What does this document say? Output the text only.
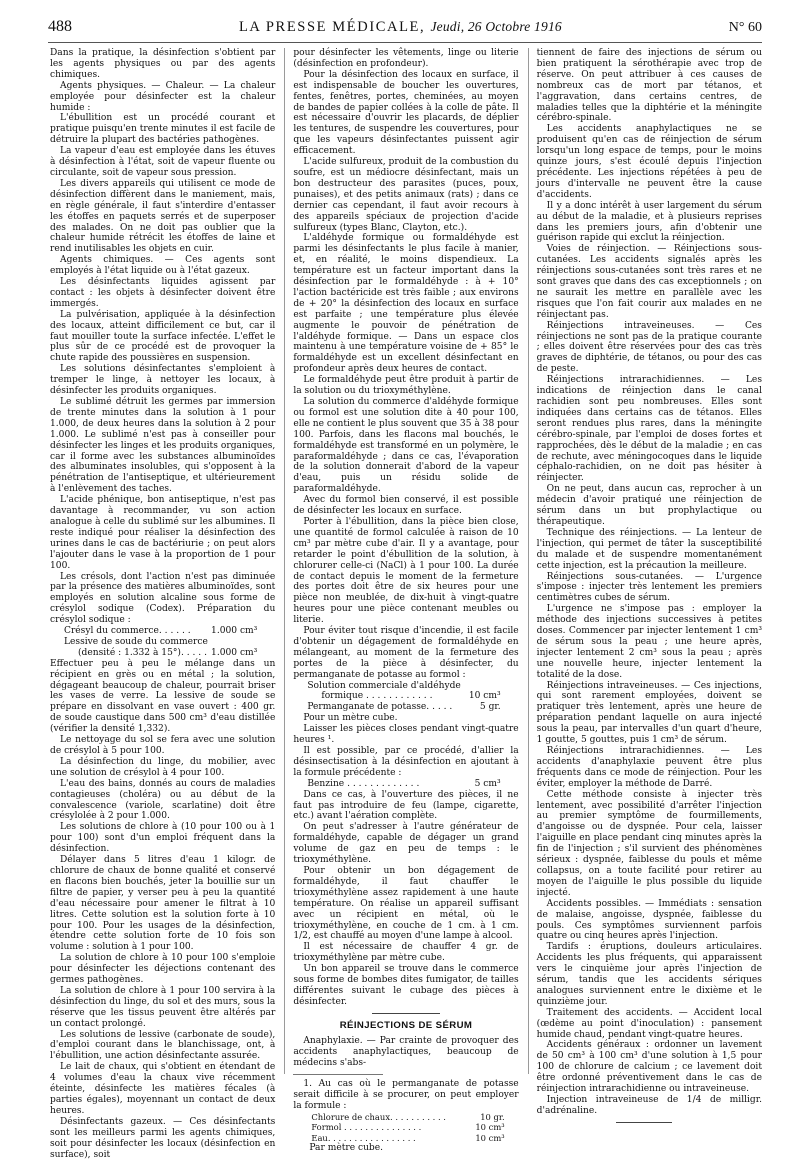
488	LA PRESSE MÉDICALE, Jeudi, 26 Octobre 1916	N° 60

Dans la pratique, la désinfection s'obtient par les agents physiques ou par des agents chimiques.

Agents physiques. — Chaleur. — La chaleur employée pour désinfecter est la chaleur humide :

L'ébullition est un procédé courant et pratique puisqu'en trente minutes il est facile de détruire la plupart des bactéries pathogènes.

La vapeur d'eau est employée dans les étuves à désinfection à l'état, soit de vapeur fluente ou circulante, soit de vapeur sous pression.

Les divers appareils qui utilisent ce mode de désinfection diffèrent dans le maniement, mais, en règle générale, il faut s'interdire d'entasser les étoffes en paquets serrés et de superposer des malades. On ne doit pas oublier que la chaleur humide rétrécit les étoffes de laine et rend inutilisables les objets en cuir.

Agents chimiques. — Ces agents sont employés à l'état liquide ou à l'état gazeux.

Les désinfectants liquides agissent par contact : les objets à désinfecter doivent être immergés.

La pulvérisation, appliquée à la désinfection des locaux, atteint difficilement ce but, car il faut mouiller toute la surface infectée. L'effet le plus sûr de ce procédé est de provoquer la chute rapide des poussières en suspension.

Les solutions désinfectantes s'emploient à tremper le linge, à nettoyer les locaux, à désinfecter les produits organiques.

Le sublimé détruit les germes par immersion de trente minutes dans la solution à 1 pour 1.000, de deux heures dans la solution à 2 pour 1.000. Le sublimé n'est pas à conseiller pour désinfecter les linges et les produits organiques, car il forme avec les substances albuminoïdes des albuminates insolubles, qui s'opposent à la pénétration de l'antiseptique, et ultérieurement à l'enlèvement des taches.

L'acide phénique, bon antiseptique, n'est pas davantage à recommander, vu son action analogue à celle du sublimé sur les albumines. Il reste indiqué pour réaliser la désinfection des urines dans le cas de bactériurie ; on peut alors l'ajouter dans le vase à la proportion de 1 pour 100.

Les crésols, dont l'action n'est pas diminuée par la présence des matières albuminoïdes, sont employés en solution alcaline sous forme de crésylol sodique (Codex). Préparation du crésylol sodique :

Crésyl du commerce. . . . . . 1.000 cm³
Lessive de soude du commerce
(densité : 1.332 à 15°). . . . . 1.000 cm³

Effectuer peu à peu le mélange dans un récipient en grès ou en métal ; la solution, dégageant beaucoup de chaleur, pourrait briser les vases de verre. La lessive de soude se prépare en dissolvant en vase ouvert : 400 gr. de soude caustique dans 500 cm³ d'eau distillée (vérifier la densité 1,332).

Le nettoyage du sol se fera avec une solution de crésylol à 5 pour 100.

La désinfection du linge, du mobilier, avec une solution de crésylol à 4 pour 100.

L'eau des bains, donnés au cours de maladies contagieuses (choléra) ou au début de la convalescence (variole, scarlatine) doit être crésylolée à 2 pour 1.000.

Les solutions de chlore à (10 pour 100 ou à 1 pour 100) sont d'un emploi fréquent dans la désinfection.

Délayer dans 5 litres d'eau 1 kilogr. de chlorure de chaux de bonne qualité et conservé en flacons bien bouchés, jeter la bouillie sur un filtre de papier, y verser peu à peu la quantité d'eau nécessaire pour amener le filtrat à 10 litres. Cette solution est la solution forte à 10 pour 100. Pour les usages de la désinfection, étendre cette solution forte de 10 fois son volume : solution à 1 pour 100.

La solution de chlore à 10 pour 100 s'emploie pour désinfecter les déjections contenant des germes pathogènes.

La solution de chlore à 1 pour 100 servira à la désinfection du linge, du sol et des murs, sous la réserve que les tissus peuvent être altérés par un contact prolongé.

Les solutions de lessive (carbonate de soude), d'emploi courant dans le blanchissage, ont, à l'ébullition, une action désinfectante assurée.

Le lait de chaux, qui s'obtient en étendant de 4 volumes d'eau la chaux vive récemment éteinte, désinfecte les matières fécales (à parties égales), moyennant un contact de deux heures.

Désinfectants gazeux. — Ces désinfectants sont les meilleurs parmi les agents chimiques, soit pour désinfecter les locaux (désinfection en surface), soit

pour désinfecter les vêtements, linge ou literie (désinfection en profondeur).

Pour la désinfection des locaux en surface, il est indispensable de boucher les ouvertures, fentes, fenêtres, portes, cheminées, au moyen de bandes de papier collées à la colle de pâte. Il est nécessaire d'ouvrir les placards, de déplier les tentures, de suspendre les couvertures, pour que les vapeurs désinfectantes puissent agir efficacement.

L'acide sulfureux, produit de la combustion du soufre, est un médiocre désinfectant, mais un bon destructeur des parasites (puces, poux, punaises), et des petits animaux (rats) ; dans ce dernier cas cependant, il faut avoir recours à des appareils spéciaux de projection d'acide sulfureux (types Blanc, Clayton, etc.).

L'aldéhyde formique ou formaldéhyde est parmi les désinfectants le plus facile à manier, et, en réalité, le moins dispendieux. La température est un facteur important dans la désinfection par le formaldéhyde : à + 10° l'action bactéricide est très faible ; aux environs de + 20° la désinfection des locaux en surface est parfaite ; une température plus élevée augmente le pouvoir de pénétration de l'aldéhyde formique. — Dans un espace clos maintenu à une température voisine de + 85° le formaldéhyde est un excellent désinfectant en profondeur après deux heures de contact.

Le formaldéhyde peut être produit à partir de la solution ou du trioxyméthylène.

La solution du commerce d'aldéhyde formique ou formol est une solution dite à 40 pour 100, elle ne contient le plus souvent que 35 à 38 pour 100. Parfois, dans les flacons mal bouchés, le formaldéhyde est transformé en un polymère, le paraformaldéhyde ; dans ce cas, l'évaporation de la solution donnerait d'abord de la vapeur d'eau, puis un résidu solide de paraformaldéhyde.

Avec du formol bien conservé, il est possible de désinfecter les locaux en surface.

Porter à l'ébullition, dans la pièce bien close, une quantité de formol calculée à raison de 10 cm³ par mètre cube d'air. Il y a avantage, pour retarder le point d'ébullition de la solution, à chlorurer celle-ci (NaCl) à 1 pour 100. La durée de contact depuis le moment de la fermeture des portes doit être de six heures pour une pièce non meublée, de dix-huit à vingt-quatre heures pour une pièce contenant meubles ou literie.

Pour éviter tout risque d'incendie, il est facile d'obtenir un dégagement de formaldéhyde en mélangeant, au moment de la fermeture des portes de la pièce à désinfecter, du permanganate de potasse au formol :

Solution commerciale d'aldéhyde
formique . . . . . . . . . . . .	10 cm³
Permanganate de potasse. . . . .	5 gr.

Pour un mètre cube.

Laisser les pièces closes pendant vingt-quatre heures ¹.

Il est possible, par ce procédé, d'allier la désinsectisation à la désinfection en ajoutant à la formule précédente :

Benzine . . . . . . . . . . . . .	5 cm³

Dans ce cas, à l'ouverture des pièces, il ne faut pas introduire de feu (lampe, cigarette, etc.) avant l'aération complète.

On peut s'adresser à l'autre générateur de formaldéhyde, capable de dégager un grand volume de gaz en peu de temps : le trioxyméthylène.

Pour obtenir un bon dégagement de formaldéhyde, il faut chauffer le trioxyméthylène assez rapidement à une haute température. On réalise un appareil suffisant avec un récipient en métal, où le trioxyméthylène, en couche de 1 cm. à 1 cm. 1/2, est chauffé au moyen d'une lampe à alcool.

Il est nécessaire de chauffer 4 gr. de trioxyméthylène par mètre cube.

Un bon appareil se trouve dans le commerce sous forme de bombes dites fumigator, de tailles différentes suivant le cubage des pièces à désinfecter.

RÉINJECTIONS DE SÉRUM

Anaphylaxie. — Par crainte de provoquer des accidents anaphylactiques, beaucoup de médecins s'abs-

1. Au cas où le permanganate de potasse serait difficile à se procurer, on peut employer la formule :

Chlorure de chaux. . . . . . . . . . .	10 gr.
Formol . . . . . . . . . . . . . . .	10 cm³
Eau. . . . . . . . . . . . . . . . .	10 cm³

Par mètre cube.

tiennent de faire des injections de sérum ou bien pratiquent la sérothérapie avec trop de réserve. On peut attribuer à ces causes de nombreux cas de mort par tétanos, et l'aggravation, dans certains centres, de maladies telles que la diphtérie et la méningite cérébro-spinale.

Les accidents anaphylactiques ne se produisent qu'en cas de réinjection de sérum lorsqu'un long espace de temps, pour le moins quinze jours, s'est écoulé depuis l'injection précédente. Les injections répétées à peu de jours d'intervalle ne peuvent être la cause d'accidents.

Il y a donc intérêt à user largement du sérum au début de la maladie, et à plusieurs reprises dans les premiers jours, afin d'obtenir une guérison rapide qui exclut la réinjection.

Voies de réinjection. — Réinjections sous-cutanées. Les accidents signalés après les réinjections sous-cutanées sont très rares et ne sont graves que dans des cas exceptionnels ; on ne saurait les mettre en parallèle avec les risques que l'on fait courir aux malades en ne réinjectant pas.

Réinjections intraveineuses. — Ces réinjections ne sont pas de la pratique courante ; elles doivent être réservées pour des cas très graves de diphtérie, de tétanos, ou pour des cas de peste.

Réinjections intrarachidiennes. — Les indications de réinjection dans le canal rachidien sont peu nombreuses. Elles sont indiquées dans certains cas de tétanos. Elles seront rendues plus rares, dans la méningite cérébro-spinale, par l'emploi de doses fortes et rapprochées, dès le début de la maladie ; en cas de rechute, avec méningocoques dans le liquide céphalo-rachidien, on ne doit pas hésiter à réinjecter.

On ne peut, dans aucun cas, reprocher à un médecin d'avoir pratiqué une réinjection de sérum dans un but prophylactique ou thérapeutique.

Technique des réinjections. — La lenteur de l'injection, qui permet de tâter la susceptibilité du malade et de suspendre momentanément cette injection, est la précaution la meilleure.

Réinjections sous-cutanées. — L'urgence s'impose : injecter très lentement les premiers centimètres cubes de sérum.

L'urgence ne s'impose pas : employer la méthode des injections successives à petites doses. Commencer par injecter lentement 1 cm³ de sérum sous la peau ; une heure après, injecter lentement 2 cm³ sous la peau ; après une nouvelle heure, injecter lentement la totalité de la dose.

Réinjections intraveineuses. — Ces injections, qui sont rarement employées, doivent se pratiquer très lentement, après une heure de préparation pendant laquelle on aura injecté sous la peau, par intervalles d'un quart d'heure, 1 goutte, 5 gouttes, puis 1 cm³ de sérum.

Réinjections intrarachidiennes. — Les accidents d'anaphylaxie peuvent être plus fréquents dans ce mode de réinjection. Pour les éviter, employer la méthode de Darré.

Cette méthode consiste à injecter très lentement, avec possibilité d'arrêter l'injection au premier symptôme de fourmillements, d'angoisse ou de dyspnée. Pour cela, laisser l'aiguille en place pendant cinq minutes après la fin de l'injection ; s'il survient des phénomènes sérieux : dyspnée, faiblesse du pouls et même collapsus, on a toute facilité pour retirer au moyen de l'aiguille le plus possible du liquide injecté.

Accidents possibles. — Immédiats : sensation de malaise, angoisse, dyspnée, faiblesse du pouls. Ces symptômes surviennent parfois quatre ou cinq heures après l'injection.

Tardifs : éruptions, douleurs articulaires. Accidents les plus fréquents, qui apparaissent vers le cinquième jour après l'injection de sérum, tandis que les accidents sériques analogues surviennent entre le dixième et le quinzième jour.

Traitement des accidents. — Accident local (œdème au point d'inoculation) : pansement humide chaud, pendant vingt-quatre heures.

Accidents généraux : ordonner un lavement de 50 cm³ à 100 cm³ d'une solution à 1,5 pour 100 de chlorure de calcium ; ce lavement doit être ordonné préventivement dans le cas de réinjection intrarachidienne ou intraveineuse.

Injection intraveineuse de 1/4 de milligr. d'adrénaline.
